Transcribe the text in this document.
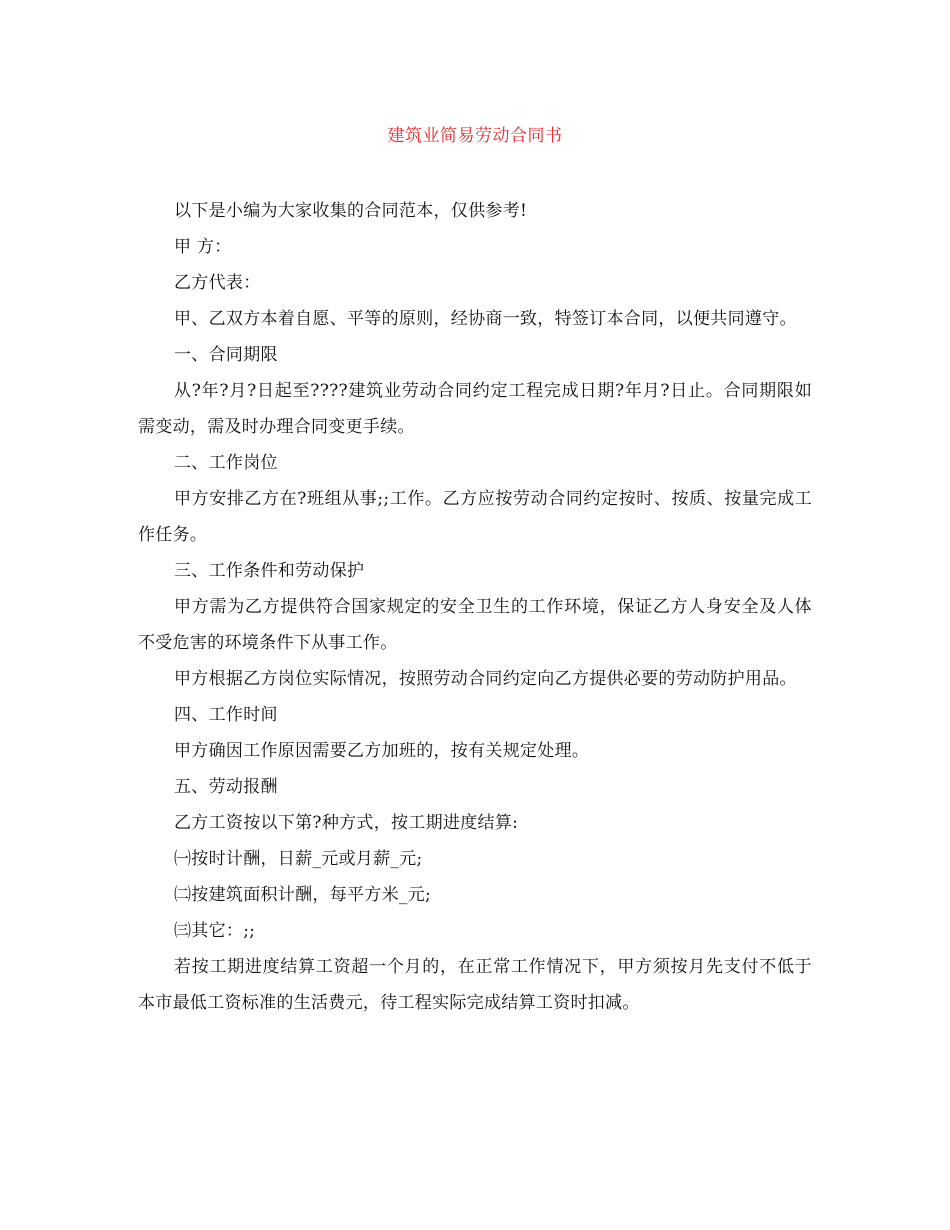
建筑业简易劳动合同书

以下是小编为大家收集的合同范本，仅供参考!

甲 方：

乙方代表：

甲、乙双方本着自愿、平等的原则，经协商一致，特签订本合同，以便共同遵守。

一、合同期限

从?年?月?日起至????建筑业劳动合同约定工程完成日期?年月?日止。合同期限如需变动，需及时办理合同变更手续。

二、工作岗位

甲方安排乙方在?班组从事;;工作。乙方应按劳动合同约定按时、按质、按量完成工作任务。

三、工作条件和劳动保护

甲方需为乙方提供符合国家规定的安全卫生的工作环境，保证乙方人身安全及人体不受危害的环境条件下从事工作。

甲方根据乙方岗位实际情况，按照劳动合同约定向乙方提供必要的劳动防护用品。

四、工作时间

甲方确因工作原因需要乙方加班的，按有关规定处理。

五、劳动报酬

乙方工资按以下第?种方式，按工期进度结算:

㈠按时计酬，日薪_元或月薪_元;

㈡按建筑面积计酬，每平方米_元;

㈢其它：;;

若按工期进度结算工资超一个月的，在正常工作情况下，甲方须按月先支付不低于本市最低工资标准的生活费元，待工程实际完成结算工资时扣减。
